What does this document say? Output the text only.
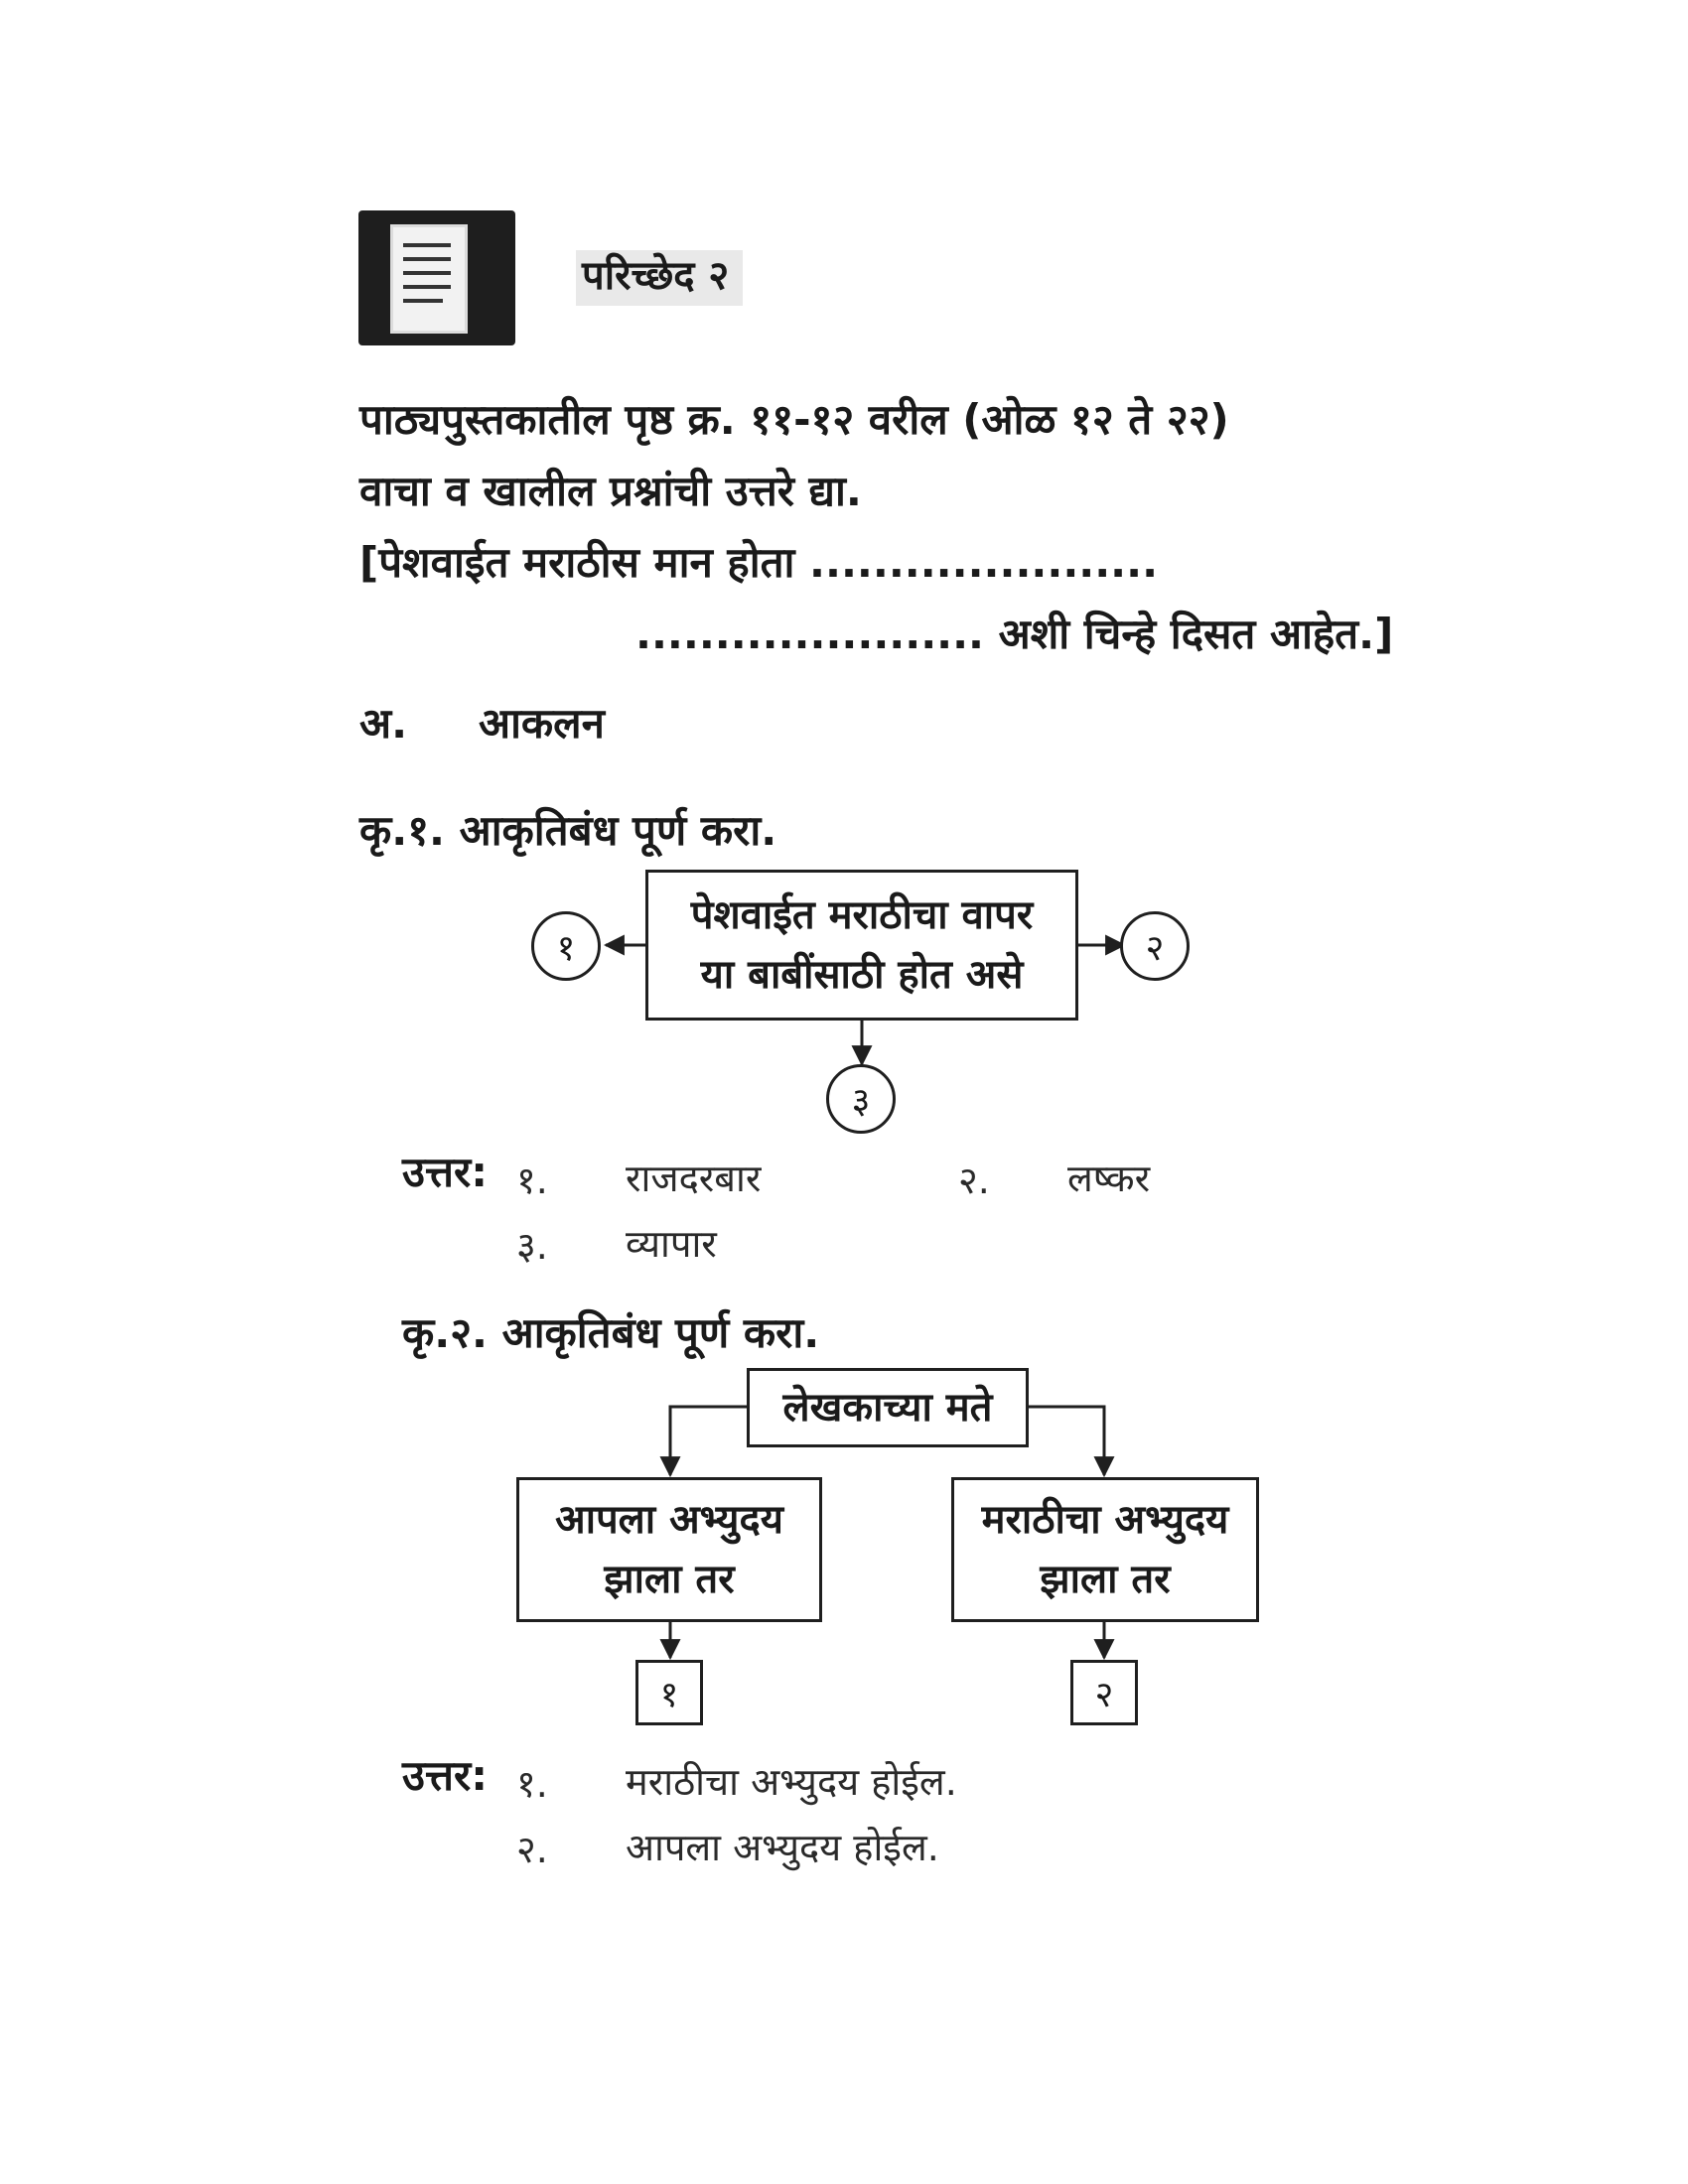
परिच्छेद २
पाठ्यपुस्तकातील पृष्ठ क्र. ११-१२ वरील (ओळ १२ ते २२)
वाचा व खालील प्रश्नांची उत्तरे द्या.
[पेशवाईत मराठीस मान होता ......................
...................... अशी चिन्हे दिसत आहेत.]
अ. आकलन
कृ.१. आकृतिबंध पूर्ण करा.
पेशवाईत मराठीचा वापर
या बाबींसाठी होत असे
१	२
३
उत्तर: १. राजदरबार	२. लष्कर
३. व्यापार
कृ.२. आकृतिबंध पूर्ण करा.
लेखकाच्या मते
आपला अभ्युदय
झाला तर
मराठीचा अभ्युदय
झाला तर
१	२
उत्तर: १. मराठीचा अभ्युदय होईल.
२. आपला अभ्युदय होईल.
